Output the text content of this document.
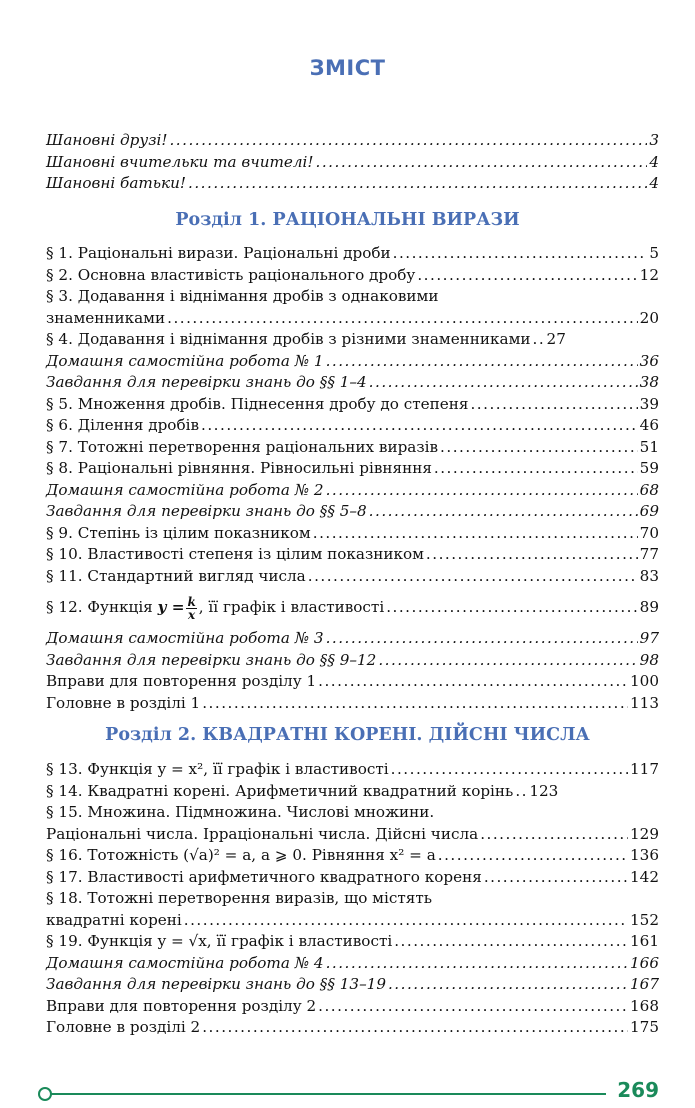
ЗМІСТ
Шановні друзі! .....	3
Шановні вчительки та вчителі! .....	4
Шановні батьки! .....	4
Розділ 1. РАЦІОНАЛЬНІ ВИРАЗИ
§ 1. Раціональні вирази. Раціональні дроби .....	5
§ 2. Основна властивість раціонального дробу .....	12
§ 3. Додавання і віднімання дробів з однаковими
знаменниками .....	20
§ 4. Додавання і віднімання дробів з різними знаменниками ..... 27
Домашня самостійна робота № 1 .....	36
Завдання для перевірки знань до §§ 1–4 .....	38
§ 5. Множення дробів. Піднесення дробу до степеня .....	39
§ 6. Ділення дробів .....	46
§ 7. Тотожні перетворення раціональних виразів .....	51
§ 8. Раціональні рівняння. Рівносильні рівняння .....	59
Домашня самостійна робота № 2 .....	68
Завдання для перевірки знань до §§ 5–8 .....	69
§ 9. Степінь із цілим показником .....	70
§ 10. Властивості степеня із цілим показником .....	77
§ 11. Стандартний вигляд числа .....	83
§ 12. Функція $y = \frac{k}{x}$ , її графік і властивості .....	89
Домашня самостійна робота № 3 .....	97
Завдання для перевірки знань до §§ 9–12 .....	98
Вправи для повторення розділу 1 .....	100
Головне в розділі 1 .....	113
Розділ 2. КВАДРАТНІ КОРЕНІ. ДІЙСНІ ЧИСЛА
§ 13. Функція y = x², її графік і властивості .....	117
§ 14. Квадратні корені. Арифметичний квадратний корінь ..... 123
§ 15. Множина. Підмножина. Числові множини.
Раціональні числа. Ірраціональні числа. Дійсні числа .....	129
§ 16. Тотожність (√a)² = a, a ⩾ 0. Рівняння x² = a .....	136
§ 17. Властивості арифметичного квадратного кореня .....	142
§ 18. Тотожні перетворення виразів, що містять
квадратні корені .....	152
§ 19. Функція y = √x, її графік і властивості .....	161
Домашня самостійна робота № 4 .....	166
Завдання для перевірки знань до §§ 13–19 .....	167
Вправи для повторення розділу 2 .....	168
Головне в розділі 2 .....	175
269
